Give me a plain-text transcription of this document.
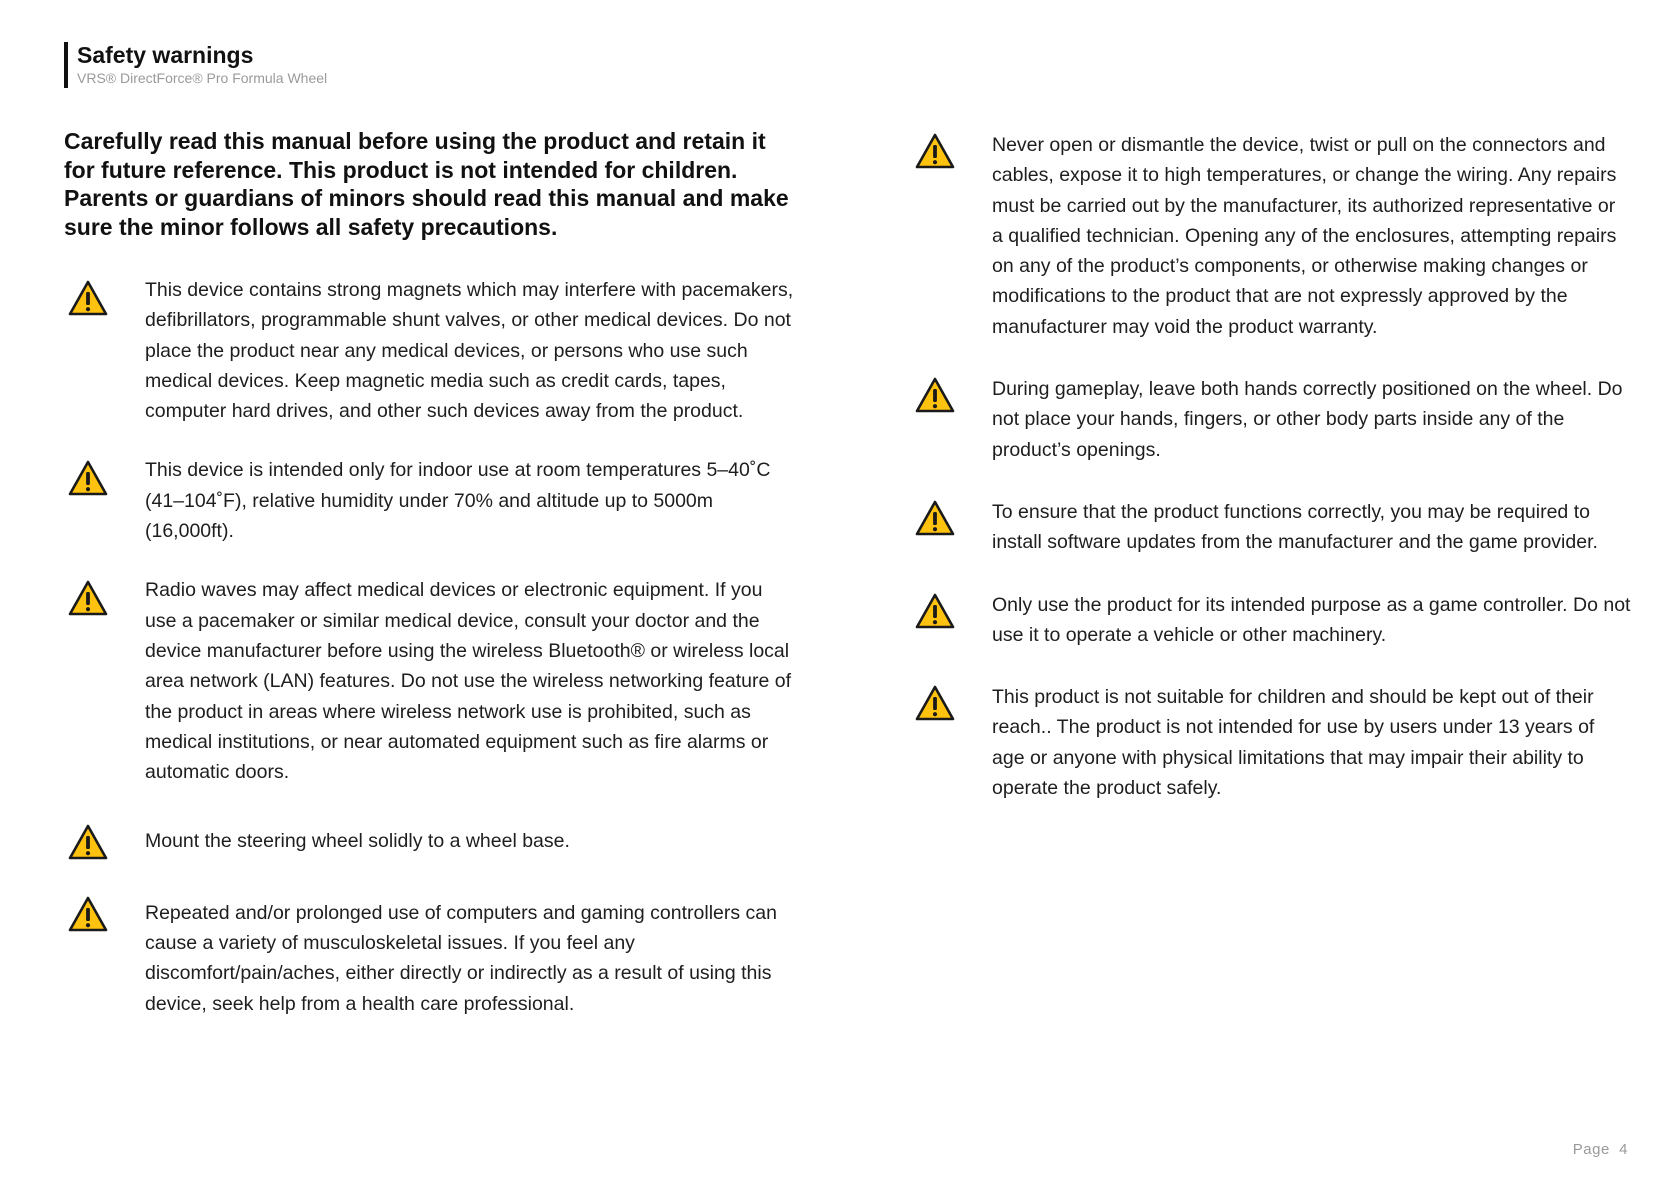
Safety warnings
VRS® DirectForce® Pro Formula Wheel

Carefully read this manual before using the product and retain it for future reference. This product is not intended for children. Parents or guardians of minors should read this manual and make sure the minor follows all safety precautions.

This device contains strong magnets which may interfere with pacemakers, defibrillators, programmable shunt valves, or other medical devices. Do not place the product near any medical devices, or persons who use such medical devices. Keep magnetic media such as credit cards, tapes, computer hard drives, and other such devices away from the product.

This device is intended only for indoor use at room temperatures 5–40˚C (41–104˚F), relative humidity under 70% and altitude up to 5000m (16,000ft).

Radio waves may affect medical devices or electronic equipment. If you use a pacemaker or similar medical device, consult your doctor and the device manufacturer before using the wireless Bluetooth® or wireless local area network (LAN) features. Do not use the wireless networking feature of the product in areas where wireless network use is prohibited, such as medical institutions, or near automated equipment such as fire alarms or automatic doors.

Mount the steering wheel solidly to a wheel base.

Repeated and/or prolonged use of computers and gaming controllers can cause a variety of musculoskeletal issues. If you feel any discomfort/pain/aches, either directly or indirectly as a result of using this device, seek help from a health care professional.

Never open or dismantle the device, twist or pull on the connectors and cables, expose it to high temperatures, or change the wiring. Any repairs must be carried out by the manufacturer, its authorized representative or a qualified technician. Opening any of the enclosures, attempting repairs on any of the product’s components, or otherwise making changes or modifications to the product that are not expressly approved by the manufacturer may void the product warranty.

During gameplay, leave both hands correctly positioned on the wheel. Do not place your hands, fingers, or other body parts inside any of the product’s openings.

To ensure that the product functions correctly, you may be required to install software updates from the manufacturer and the game provider.

Only use the product for its intended purpose as a game controller. Do not use it to operate a vehicle or other machinery.

This product is not suitable for children and should be kept out of their reach.. The product is not intended for use by users under 13 years of age or anyone with physical limitations that may impair their ability to operate the product safely.

Page 4
